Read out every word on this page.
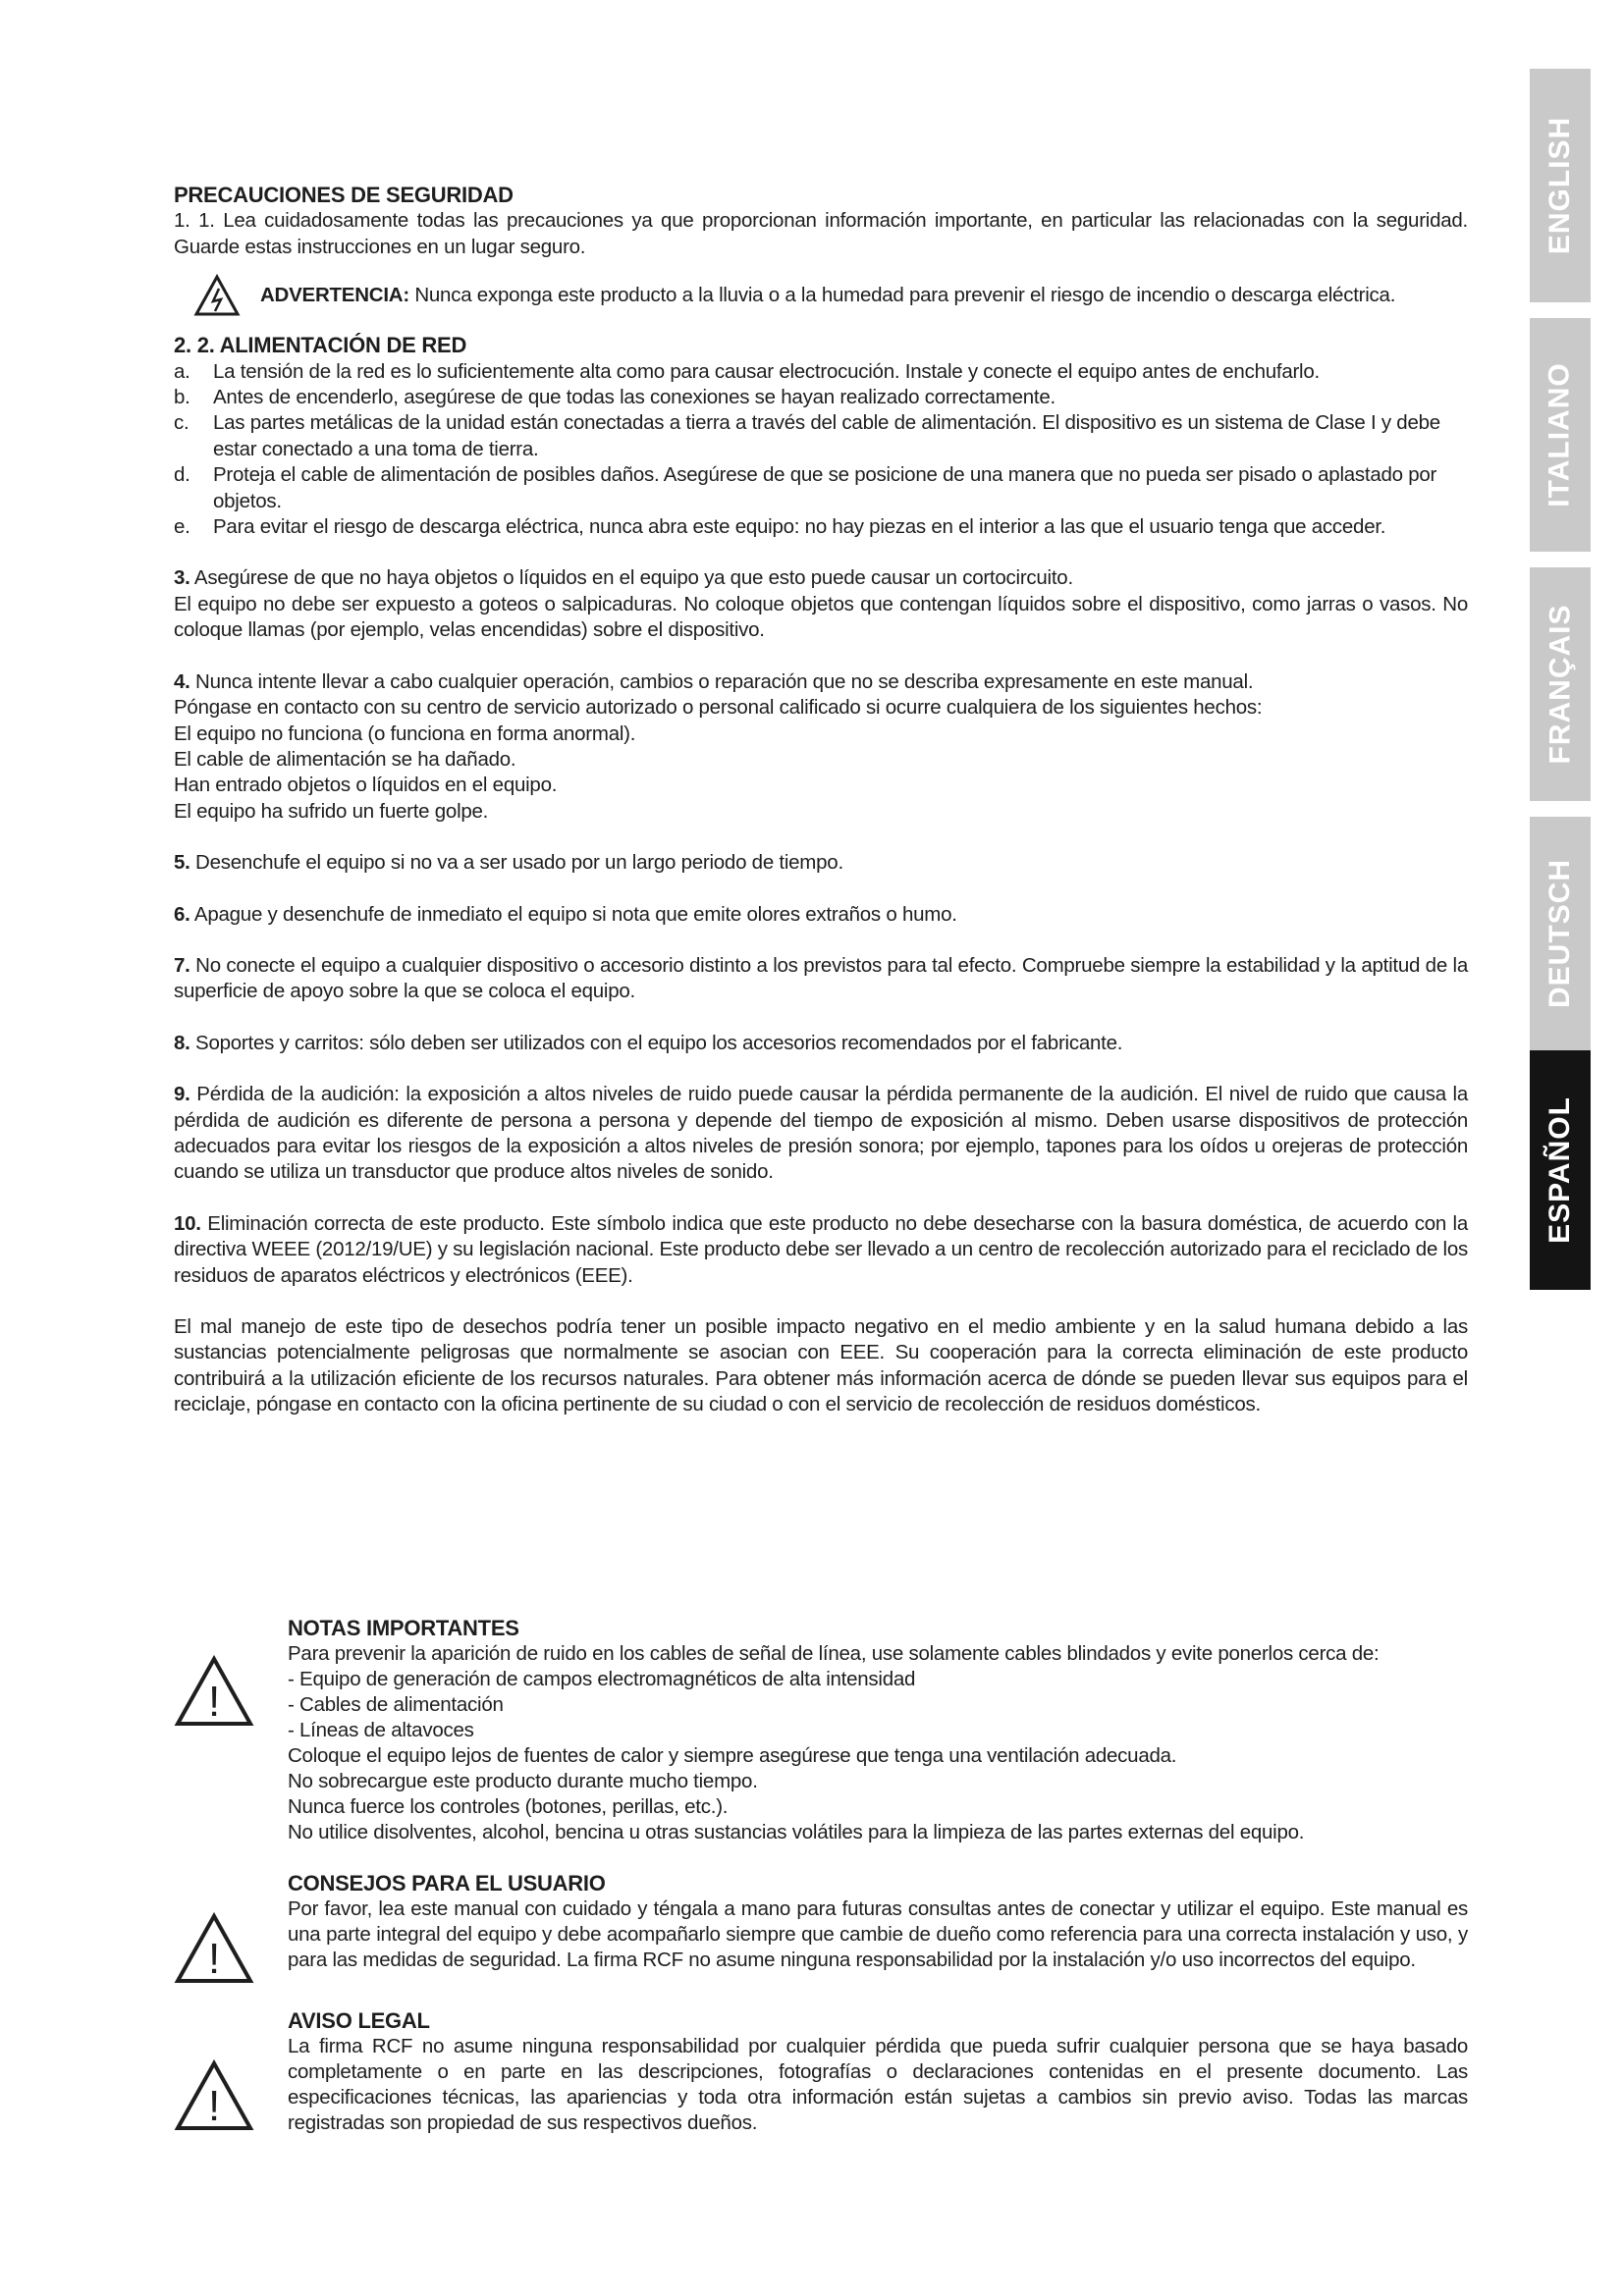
ENGLISH
ITALIANO
FRANÇAIS
DEUTSCH
ESPAÑOL
PRECAUCIONES DE SEGURIDAD
1. 1. Lea cuidadosamente todas las precauciones ya que proporcionan información importante, en particular las relacionadas con la seguridad. Guarde estas instrucciones en un lugar seguro.
ADVERTENCIA: Nunca exponga este producto a la lluvia o a la humedad para prevenir el riesgo de incendio o descarga eléctrica.
2. 2. ALIMENTACIÓN DE RED
a.	La tensión de la red es lo suficientemente alta como para causar electrocución. Instale y conecte el equipo antes de enchufarlo.
b.	Antes de encenderlo, asegúrese de que todas las conexiones se hayan realizado correctamente.
c.	Las partes metálicas de la unidad están conectadas a tierra a través del cable de alimentación. El dispositivo es un sistema de Clase I y debe estar conectado a una toma de tierra.
d.	Proteja el cable de alimentación de posibles daños. Asegúrese de que se posicione de una manera que no pueda ser pisado o aplastado por objetos.
e.	Para evitar el riesgo de descarga eléctrica, nunca abra este equipo: no hay piezas en el interior a las que el usuario tenga que acceder.
3. Asegúrese de que no haya objetos o líquidos en el equipo ya que esto puede causar un cortocircuito.
El equipo no debe ser expuesto a goteos o salpicaduras. No coloque objetos que contengan líquidos sobre el dispositivo, como jarras o vasos. No coloque llamas (por ejemplo, velas encendidas) sobre el dispositivo.
4. Nunca intente llevar a cabo cualquier operación, cambios o reparación que no se describa expresamente en este manual.
Póngase en contacto con su centro de servicio autorizado o personal calificado si ocurre cualquiera de los siguientes hechos:
El equipo no funciona (o funciona en forma anormal).
El cable de alimentación se ha dañado.
Han entrado objetos o líquidos en el equipo.
El equipo ha sufrido un fuerte golpe.
5. Desenchufe el equipo si no va a ser usado por un largo periodo de tiempo.
6. Apague y desenchufe de inmediato el equipo si nota que emite olores extraños o humo.
7. No conecte el equipo a cualquier dispositivo o accesorio distinto a los previstos para tal efecto. Compruebe siempre la estabilidad y la aptitud de la superficie de apoyo sobre la que se coloca el equipo.
8. Soportes y carritos: sólo deben ser utilizados con el equipo los accesorios recomendados por el fabricante.
9. Pérdida de la audición: la exposición a altos niveles de ruido puede causar la pérdida permanente de la audición. El nivel de ruido que causa la pérdida de audición es diferente de persona a persona y depende del tiempo de exposición al mismo. Deben usarse dispositivos de protección adecuados para evitar los riesgos de la exposición a altos niveles de presión sonora; por ejemplo, tapones para los oídos u orejeras de protección cuando se utiliza un transductor que produce altos niveles de sonido.
10. Eliminación correcta de este producto. Este símbolo indica que este producto no debe desecharse con la basura doméstica, de acuerdo con la directiva WEEE (2012/19/UE) y su legislación nacional. Este producto debe ser llevado a un centro de recolección autorizado para el reciclado de los residuos de aparatos eléctricos y electrónicos (EEE).
El mal manejo de este tipo de desechos podría tener un posible impacto negativo en el medio ambiente y en la salud humana debido a las sustancias potencialmente peligrosas que normalmente se asocian con EEE. Su cooperación para la correcta eliminación de este producto contribuirá a la utilización eficiente de los recursos naturales. Para obtener más información acerca de dónde se pueden llevar sus equipos para el reciclaje, póngase en contacto con la oficina pertinente de su ciudad o con el servicio de recolección de residuos domésticos.
!
NOTAS IMPORTANTES
Para prevenir la aparición de ruido en los cables de señal de línea, use solamente cables blindados y evite ponerlos cerca de:
- Equipo de generación de campos electromagnéticos de alta intensidad
- Cables de alimentación
- Líneas de altavoces
Coloque el equipo lejos de fuentes de calor y siempre asegúrese que tenga una ventilación adecuada.
No sobrecargue este producto durante mucho tiempo.
Nunca fuerce los controles (botones, perillas, etc.).
No utilice disolventes, alcohol, bencina u otras sustancias volátiles para la limpieza de las partes externas del equipo.
!
CONSEJOS PARA EL USUARIO
Por favor, lea este manual con cuidado y téngala a mano para futuras consultas antes de conectar y utilizar el equipo. Este manual es una parte integral del equipo y debe acompañarlo siempre que cambie de dueño como referencia para una correcta instalación y uso, y para las medidas de seguridad. La firma RCF no asume ninguna responsabilidad por la instalación y/o uso incorrectos del equipo.
!
AVISO LEGAL
La firma RCF no asume ninguna responsabilidad por cualquier pérdida que pueda sufrir cualquier persona que se haya basado completamente o en parte en las descripciones, fotografías o declaraciones contenidas en el presente documento. Las especificaciones técnicas, las apariencias y toda otra información están sujetas a cambios sin previo aviso. Todas las marcas registradas son propiedad de sus respectivos dueños.
